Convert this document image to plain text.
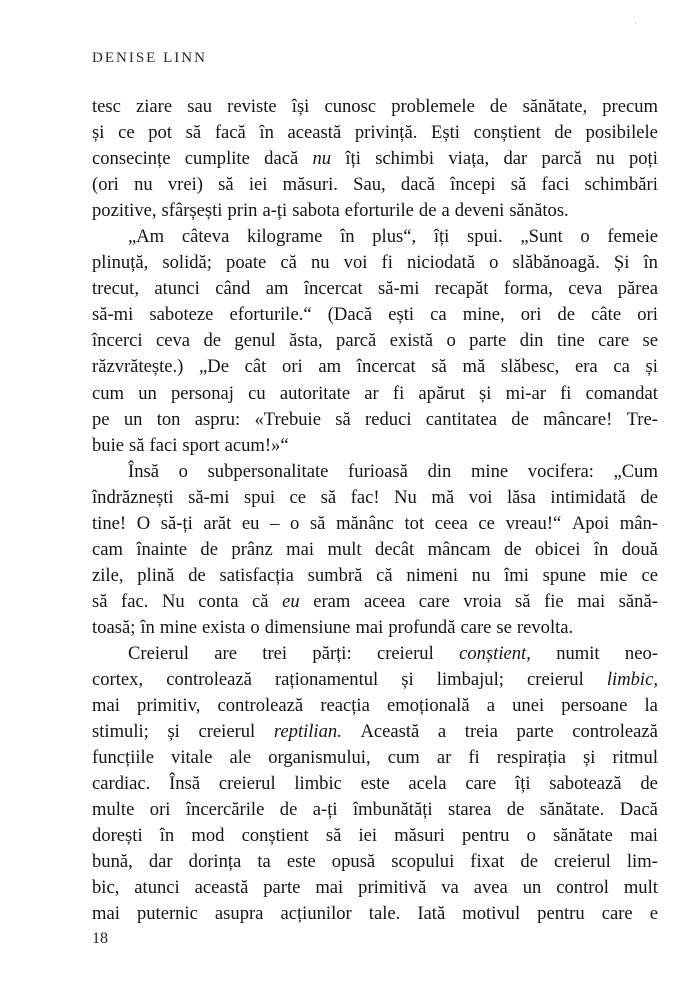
·
DENISE LINN
tesc ziare sau reviste își cunosc problemele de sănătate, precum
și ce pot să facă în această privință. Ești conștient de posibilele
consecințe cumplite dacă nu îți schimbi viața, dar parcă nu poți
(ori nu vrei) să iei măsuri. Sau, dacă începi să faci schimbări
pozitive, sfârșești prin a-ți sabota eforturile de a deveni sănătos.
„Am câteva kilograme în plus“, îți spui. „Sunt o femeie
plinuță, solidă; poate că nu voi fi niciodată o slăbănoagă. Și în
trecut, atunci când am încercat să-mi recapăt forma, ceva părea
să-mi saboteze eforturile.“ (Dacă ești ca mine, ori de câte ori
încerci ceva de genul ăsta, parcă există o parte din tine care se
răzvrătește.) „De cât ori am încercat să mă slăbesc, era ca și
cum un personaj cu autoritate ar fi apărut și mi-ar fi comandat
pe un ton aspru: «Trebuie să reduci cantitatea de mâncare! Tre-
buie să faci sport acum!»“
Însă o subpersonalitate furioasă din mine vocifera: „Cum
îndrăznești să-mi spui ce să fac! Nu mă voi lăsa intimidată de
tine! O să-ți arăt eu – o să mănânc tot ceea ce vreau!“ Apoi mân-
cam înainte de prânz mai mult decât mâncam de obicei în două
zile, plină de satisfacția sumbră că nimeni nu îmi spune mie ce
să fac. Nu conta că eu eram aceea care vroia să fie mai sănă-
toasă; în mine exista o dimensiune mai profundă care se revolta.
Creierul are trei părți: creierul conștient, numit neo-
cortex, controlează raționamentul și limbajul; creierul limbic,
mai primitiv, controlează reacția emoțională a unei persoane la
stimuli; și creierul reptilian. Această a treia parte controlează
funcțiile vitale ale organismului, cum ar fi respirația și ritmul
cardiac. Însă creierul limbic este acela care îți sabotează de
multe ori încercările de a-ți îmbunătăți starea de sănătate. Dacă
dorești în mod conștient să iei măsuri pentru o sănătate mai
bună, dar dorința ta este opusă scopului fixat de creierul lim-
bic, atunci această parte mai primitivă va avea un control mult
mai puternic asupra acțiunilor tale. Iată motivul pentru care e
18
